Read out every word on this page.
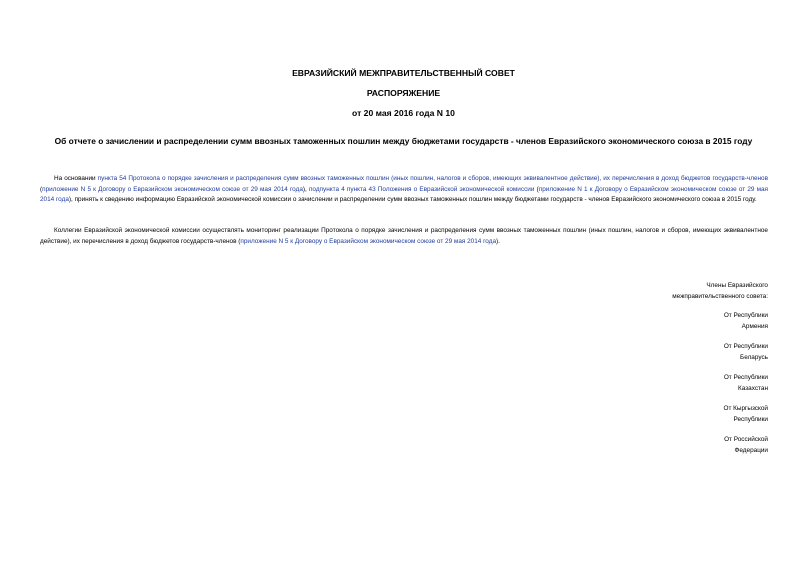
ЕВРАЗИЙСКИЙ МЕЖПРАВИТЕЛЬСТВЕННЫЙ СОВЕТ
РАСПОРЯЖЕНИЕ
от 20 мая 2016 года N 10
Об отчете о зачислении и распределении сумм ввозных таможенных пошлин между бюджетами государств - членов Евразийского экономического союза в 2015 году
На основании пункта 54 Протокола о порядке зачисления и распределения сумм ввозных таможенных пошлин (иных пошлин, налогов и сборов, имеющих эквивалентное действие), их перечисления в доход бюджетов государств-членов (приложение N 5 к Договору о Евразийском экономическом союзе от 29 мая 2014 года), подпункта 4 пункта 43 Положения о Евразийской экономической комиссии (приложение N 1 к Договору о Евразийском экономическом союзе от 29 мая 2014 года), принять к сведению информацию Евразийской экономической комиссии о зачислении и распределении сумм ввозных таможенных пошлин между бюджетами государств - членов Евразийского экономического союза в 2015 году.
Коллегии Евразийской экономической комиссии осуществлять мониторинг реализации Протокола о порядке зачисления и распределения сумм ввозных таможенных пошлин (иных пошлин, налогов и сборов, имеющих эквивалентное действие), их перечисления в доход бюджетов государств-членов (приложение N 5 к Договору о Евразийском экономическом союзе от 29 мая 2014 года).
Члены Евразийского
межправительственного совета:
От Республики
Армения
От Республики
Беларусь
От Республики
Казахстан
От Кыргызской
Республики
От Российской
Федерации
